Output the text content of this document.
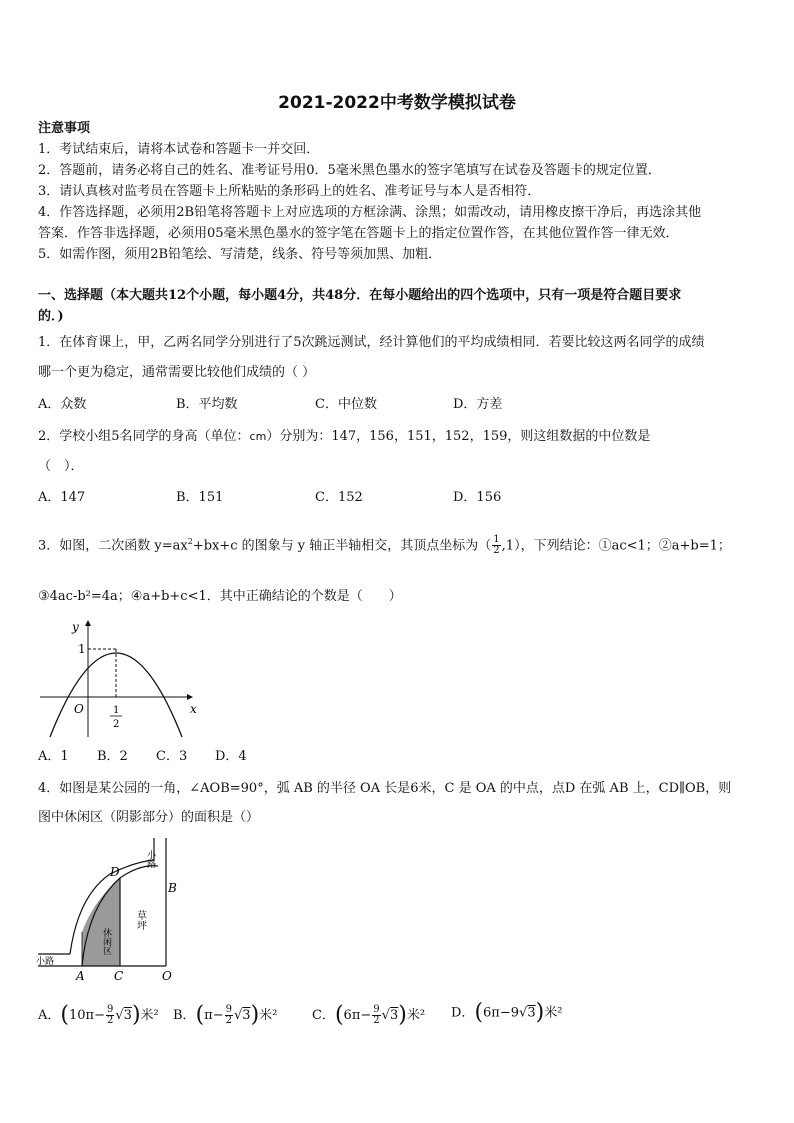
2021-2022中考数学模拟试卷
注意事项
1．考试结束后，请将本试卷和答题卡一并交回．
2．答题前，请务必将自己的姓名、准考证号用0．5毫米黑色墨水的签字笔填写在试卷及答题卡的规定位置．
3．请认真核对监考员在答题卡上所粘贴的条形码上的姓名、准考证号与本人是否相符．
4．作答选择题，必须用2B铅笔将答题卡上对应选项的方框涂满、涂黑；如需改动，请用橡皮擦干净后，再选涂其他
答案．作答非选择题，必须用05毫米黑色墨水的签字笔在答题卡上的指定位置作答，在其他位置作答一律无效．
5．如需作图，须用2B铅笔绘、写清楚，线条、符号等须加黑、加粗．
一、选择题（本大题共12个小题，每小题4分，共48分．在每小题给出的四个选项中，只有一项是符合题目要求
的．)
1．在体育课上，甲，乙两名同学分别进行了5次跳远测试，经计算他们的平均成绩相同．若要比较这两名同学的成绩
哪一个更为稳定，通常需要比较他们成绩的（ ）
A．众数	B．平均数	C．中位数	D．方差
2．学校小组5名同学的身高（单位：cm）分别为：147，156，151，152，159，则这组数据的中位数是
（　）．
A．147	B．151	C．152	D．156
3．如图，二次函数 $y=ax^2+bx+c$ 的图象与 y 轴正半轴相交，其顶点坐标为（ $\frac{1}{2} ,1$），下列结论：①ac<1；②a+b=1；
③4ac-b²=4a；④a+b+c<1．其中正确结论的个数是（　　）
y
x
O
1
1
2
A．1 B．2 C．3 D．4
4．如图是某公园的一角，∠AOB=90°，弧 AB 的半径 OA 长是6米，C 是 OA 的中点，点D 在弧 AB 上，CD∥OB，则
图中休闲区（阴影部分）的面积是（）
小路
小路
草坪
休闲区
A C	O
B
D
A．$(10\pi- \frac{9}{2} √3)$米² B．$(\pi- \frac{9}{2} √3)$米²	C．$(6\pi- \frac{9}{2} √3)$米² D．(6π−9√3)米²
